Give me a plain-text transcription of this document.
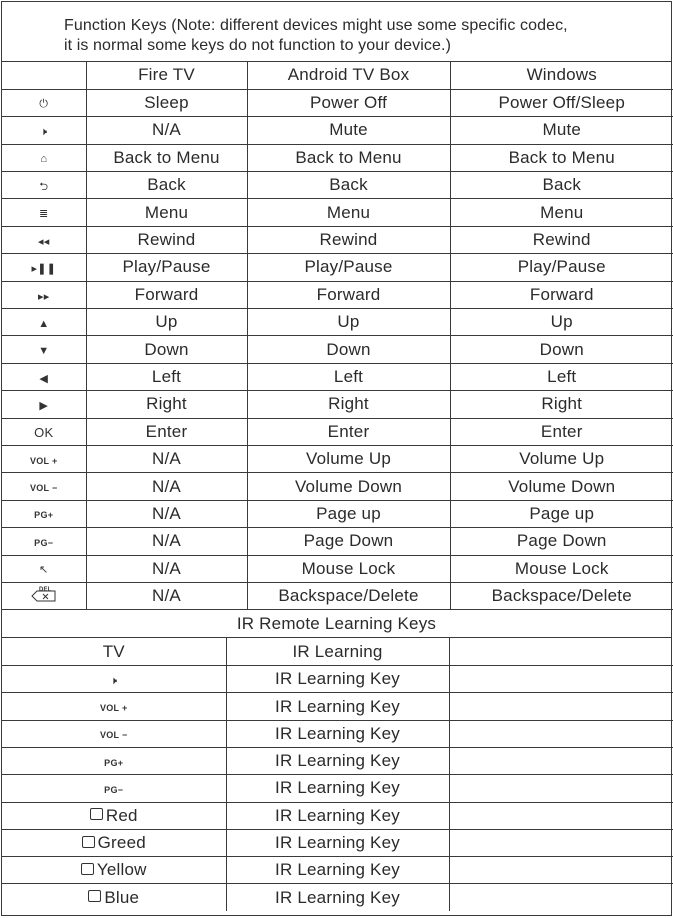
Function Keys (Note: different devices might use some specific codec,
it is normal some keys do not function to your device.)
	Fire TV	Android TV Box	Windows
⏻	Sleep	Power Off	Power Off/Sleep
🕨	N/A	Mute	Mute
⌂	Back to Menu	Back to Menu	Back to Menu
⮌	Back	Back	Back
≣	Menu	Menu	Menu
◂◂	Rewind	Rewind	Rewind
▸❚❚	Play/Pause	Play/Pause	Play/Pause
▸▸	Forward	Forward	Forward
▲	Up	Up	Up
▼	Down	Down	Down
◀	Left	Left	Left
▶	Right	Right	Right
OK	Enter	Enter	Enter
VOL +	N/A	Volume Up	Volume Up
VOL −	N/A	Volume Down	Volume Down
PG+	N/A	Page up	Page up
PG−	N/A	Page Down	Page Down
↖	N/A	Mouse Lock	Mouse Lock

DEL	N/A	Backspace/Delete	Backspace/Delete
IR Remote Learning Keys
TV	IR Learning	
🕨	IR Learning Key	
VOL +	IR Learning Key	
VOL −	IR Learning Key	
PG+	IR Learning Key	
PG−	IR Learning Key	
Red	IR Learning Key	
Greed	IR Learning Key	
Yellow	IR Learning Key	
Blue	IR Learning Key	
